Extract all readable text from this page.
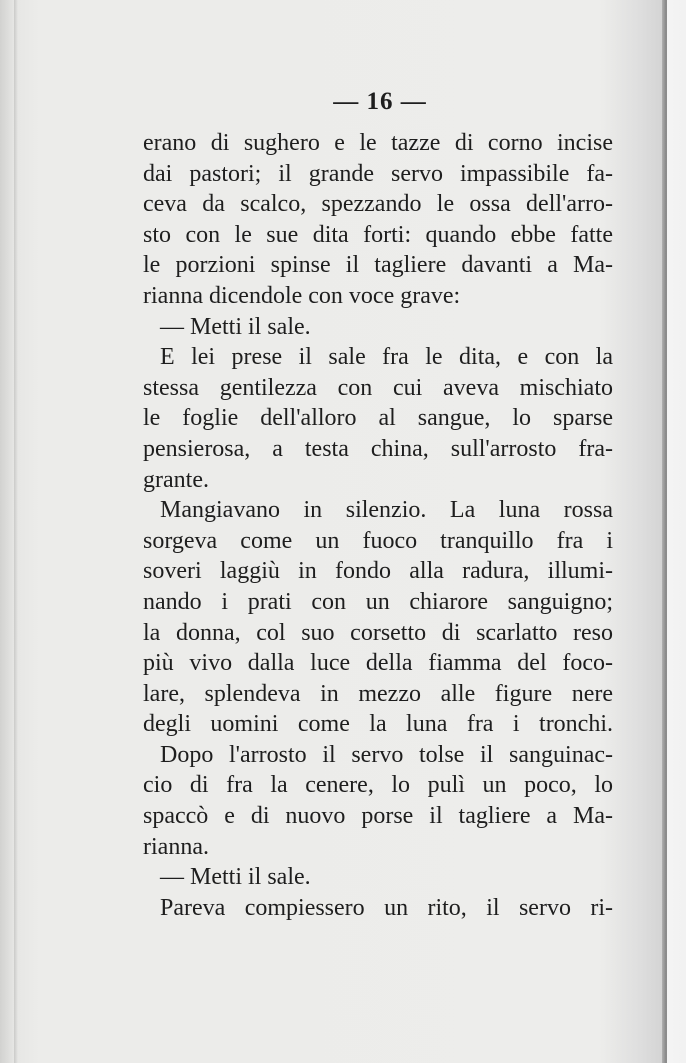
— 16 —
erano di sughero e le tazze di corno incise
dai pastori; il grande servo impassibile fa-
ceva da scalco, spezzando le ossa dell'arro-
sto con le sue dita forti: quando ebbe fatte
le porzioni spinse il tagliere davanti a Ma-
rianna dicendole con voce grave:
— Metti il sale.
E lei prese il sale fra le dita, e con la
stessa gentilezza con cui aveva mischiato
le foglie dell'alloro al sangue, lo sparse
pensierosa, a testa china, sull'arrosto fra-
grante.
Mangiavano in silenzio. La luna rossa
sorgeva come un fuoco tranquillo fra i
soveri laggiù in fondo alla radura, illumi-
nando i prati con un chiarore sanguigno;
la donna, col suo corsetto di scarlatto reso
più vivo dalla luce della fiamma del foco-
lare, splendeva in mezzo alle figure nere
degli uomini come la luna fra i tronchi.
Dopo l'arrosto il servo tolse il sanguinac-
cio di fra la cenere, lo pulì un poco, lo
spaccò e di nuovo porse il tagliere a Ma-
rianna.
— Metti il sale.
Pareva compiessero un rito, il servo ri-
